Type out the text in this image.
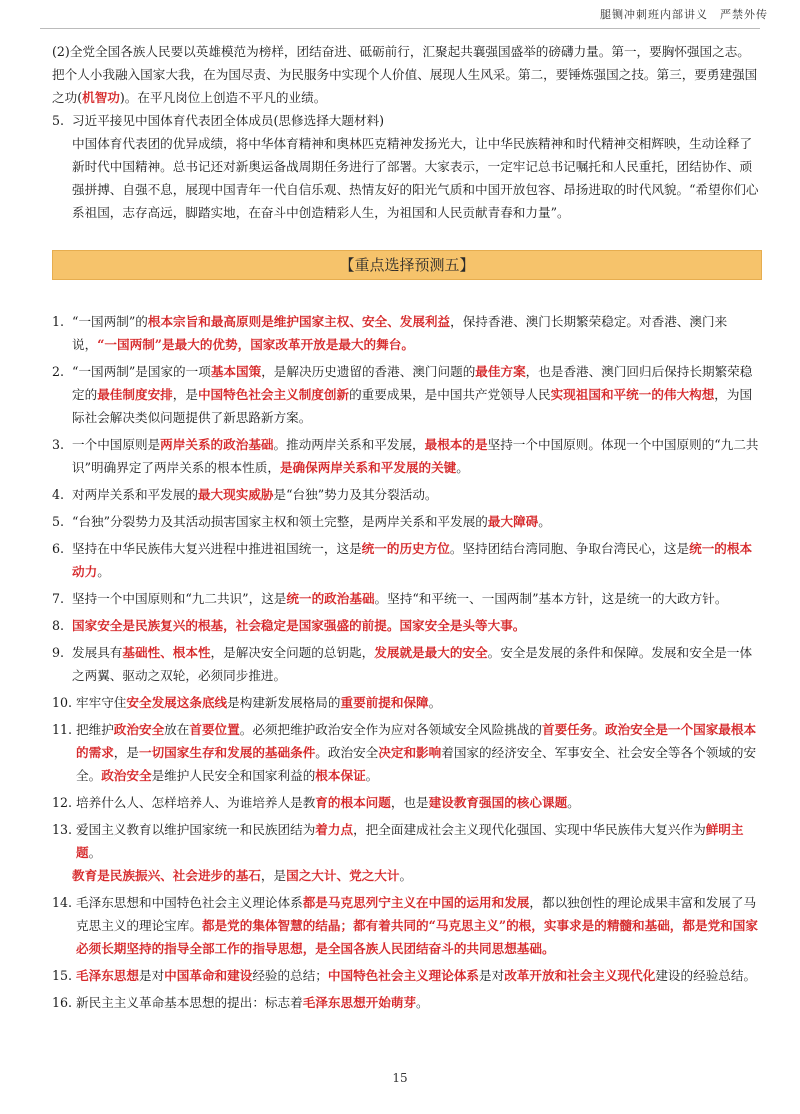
腿铡冲刺班内部讲义　严禁外传

(2)全党全国各族人民要以英雄模范为榜样，团结奋进、砥砺前行，汇聚起共襄强国盛举的磅礴力量。第一，要胸怀强国之志。把个人小我融入国家大我，在为国尽责、为民服务中实现个人价值、展现人生风采。第二，要锤炼强国之技。第三，要勇建强国之功(机智功)。在平凡岗位上创造不平凡的业绩。

5. 习近平接见中国体育代表团全体成员(思修选择大题材料)

中国体育代表团的优异成绩，将中华体育精神和奥林匹克精神发扬光大，让中华民族精神和时代精神交相辉映，生动诠释了新时代中国精神。总书记还对新奥运备战周期任务进行了部署。大家表示，一定牢记总书记嘱托和人民重托，团结协作、顽强拼搏、自强不息，展现中国青年一代自信乐观、热情友好的阳光气质和中国开放包容、昂扬进取的时代风貌。“希望你们心系祖国，志存高远，脚踏实地，在奋斗中创造精彩人生，为祖国和人民贡献青春和力量”。

【重点选择预测五】
1. “一国两制”的根本宗旨和最高原则是维护国家主权、安全、发展利益，保持香港、澳门长期繁荣稳定。对香港、澳门来说，“一国两制”是最大的优势，国家改革开放是最大的舞台。

2. “一国两制”是国家的一项基本国策，是解决历史遗留的香港、澳门问题的最佳方案，也是香港、澳门回归后保持长期繁荣稳定的最佳制度安排，是中国特色社会主义制度创新的重要成果，是中国共产党领导人民实现祖国和平统一的伟大构想，为国际社会解决类似问题提供了新思路新方案。

3. 一个中国原则是两岸关系的政治基础。推动两岸关系和平发展，最根本的是坚持一个中国原则。体现一个中国原则的“九二共识”明确界定了两岸关系的根本性质，是确保两岸关系和平发展的关键。

4. 对两岸关系和平发展的最大现实威胁是“台独”势力及其分裂活动。

5. “台独”分裂势力及其活动损害国家主权和领土完整，是两岸关系和平发展的最大障碍。

6. 坚持在中华民族伟大复兴进程中推进祖国统一，这是统一的历史方位。坚持团结台湾同胞、争取台湾民心，这是统一的根本动力。

7. 坚持一个中国原则和“九二共识”，这是统一的政治基础。坚持“和平统一、一国两制”基本方针，这是统一的大政方针。

8. 国家安全是民族复兴的根基，社会稳定是国家强盛的前提。国家安全是头等大事。

9. 发展具有基础性、根本性，是解决安全问题的总钥匙，发展就是最大的安全。安全是发展的条件和保障。发展和安全是一体之两翼、驱动之双轮，必须同步推进。

10. 牢牢守住安全发展这条底线是构建新发展格局的重要前提和保障。

11. 把维护政治安全放在首要位置。必须把维护政治安全作为应对各领域安全风险挑战的首要任务。政治安全是一个国家最根本的需求，是一切国家生存和发展的基础条件。政治安全决定和影响着国家的经济安全、军事安全、社会安全等各个领域的安全。政治安全是维护人民安全和国家利益的根本保证。

12. 培养什么人、怎样培养人、为谁培养人是教育的根本问题，也是建设教育强国的核心课题。

13. 爱国主义教育以维护国家统一和民族团结为着力点，把全面建成社会主义现代化强国、实现中华民族伟大复兴作为鲜明主题。

教育是民族振兴、社会进步的基石，是国之大计、党之大计。

14. 毛泽东思想和中国特色社会主义理论体系都是马克思列宁主义在中国的运用和发展，都以独创性的理论成果丰富和发展了马克思主义的理论宝库。都是党的集体智慧的结晶；都有着共同的“马克思主义”的根，实事求是的精髓和基础，都是党和国家必须长期坚持的指导全部工作的指导思想，是全国各族人民团结奋斗的共同思想基础。

15. 毛泽东思想是对中国革命和建设经验的总结；中国特色社会主义理论体系是对改革开放和社会主义现代化建设的经验总结。

16. 新民主主义革命基本思想的提出：标志着毛泽东思想开始萌芽。

15
